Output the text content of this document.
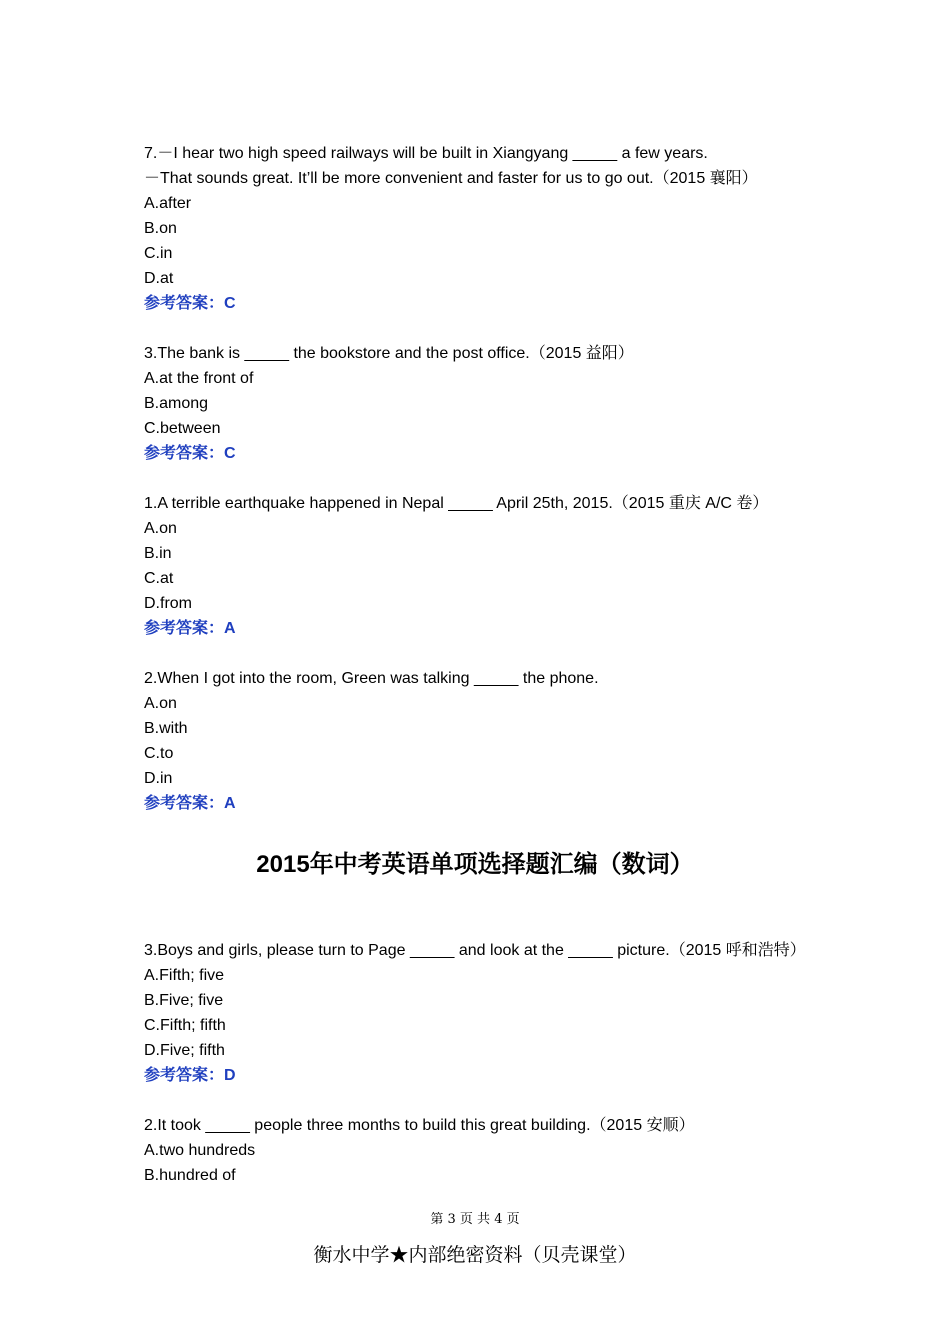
7.－I hear two high speed railways will be built in Xiangyang _____ a few years.
－That sounds great. It’ll be more convenient and faster for us to go out.（2015 襄阳）
A.after
B.on
C.in
D.at
参考答案：C
3.The bank is _____ the bookstore and the post office.（2015 益阳）
A.at the front of
B.among
C.between
参考答案：C
1.A terrible earthquake happened in Nepal _____ April 25th, 2015.（2015 重庆 A/C 卷）
A.on
B.in
C.at
D.from
参考答案：A
2.When I got into the room, Green was talking _____ the phone.
A.on
B.with
C.to
D.in
参考答案：A
2015年中考英语单项选择题汇编（数词）
3.Boys and girls, please turn to Page _____ and look at the _____ picture.（2015 呼和浩特）
A.Fifth; five
B.Five; five
C.Fifth; fifth
D.Five; fifth
参考答案：D
2.It took _____ people three months to build this great building.（2015 安顺）
A.two hundreds
B.hundred of
第 3 页 共 4 页
衡水中学★内部绝密资料（贝壳课堂）
